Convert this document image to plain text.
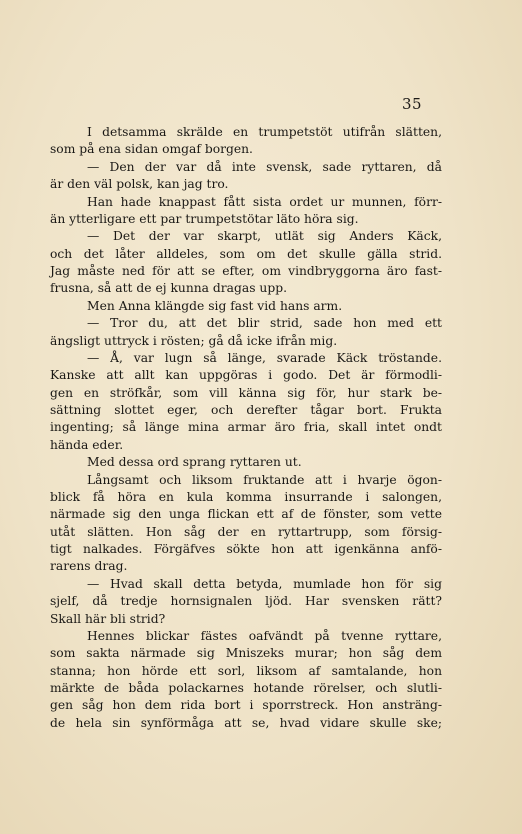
35
I detsamma skrälde en trumpetstöt utifrån slätten,
som på ena sidan omgaf borgen.
— Den der var då inte svensk, sade ryttaren, då
är den väl polsk, kan jag tro.
Han hade knappast fått sista ordet ur munnen, förr-
än ytterligare ett par trumpetstötar läto höra sig.
— Det der var skarpt, utlät sig Anders Käck,
och det låter alldeles, som om det skulle gälla strid.
Jag måste ned för att se efter, om vindbryggorna äro fast-
frusna, så att de ej kunna dragas upp.
Men Anna klängde sig fast vid hans arm.
— Tror du, att det blir strid, sade hon med ett
ängsligt uttryck i rösten; gå då icke ifrån mig.
— Å, var lugn så länge, svarade Käck tröstande.
Kanske att allt kan uppgöras i godo. Det är förmodli-
gen en ströfkår, som vill känna sig för, hur stark be-
sättning slottet eger, och derefter tågar bort. Frukta
ingenting; så länge mina armar äro fria, skall intet ondt
hända eder.
Med dessa ord sprang ryttaren ut.
Långsamt och liksom fruktande att i hvarje ögon-
blick få höra en kula komma insurrande i salongen,
närmade sig den unga flickan ett af de fönster, som vette
utåt slätten. Hon såg der en ryttartrupp, som försig-
tigt nalkades. Förgäfves sökte hon att igenkänna anfö-
rarens drag.
— Hvad skall detta betyda, mumlade hon för sig
sjelf, då tredje hornsignalen ljöd. Har svensken rätt?
Skall här bli strid?
Hennes blickar fästes oafvändt på tvenne ryttare,
som sakta närmade sig Mniszeks murar; hon såg dem
stanna; hon hörde ett sorl, liksom af samtalande, hon
märkte de båda polackarnes hotande rörelser, och slutli-
gen såg hon dem rida bort i sporrstreck. Hon ansträng-
de hela sin synförmåga att se, hvad vidare skulle ske;
